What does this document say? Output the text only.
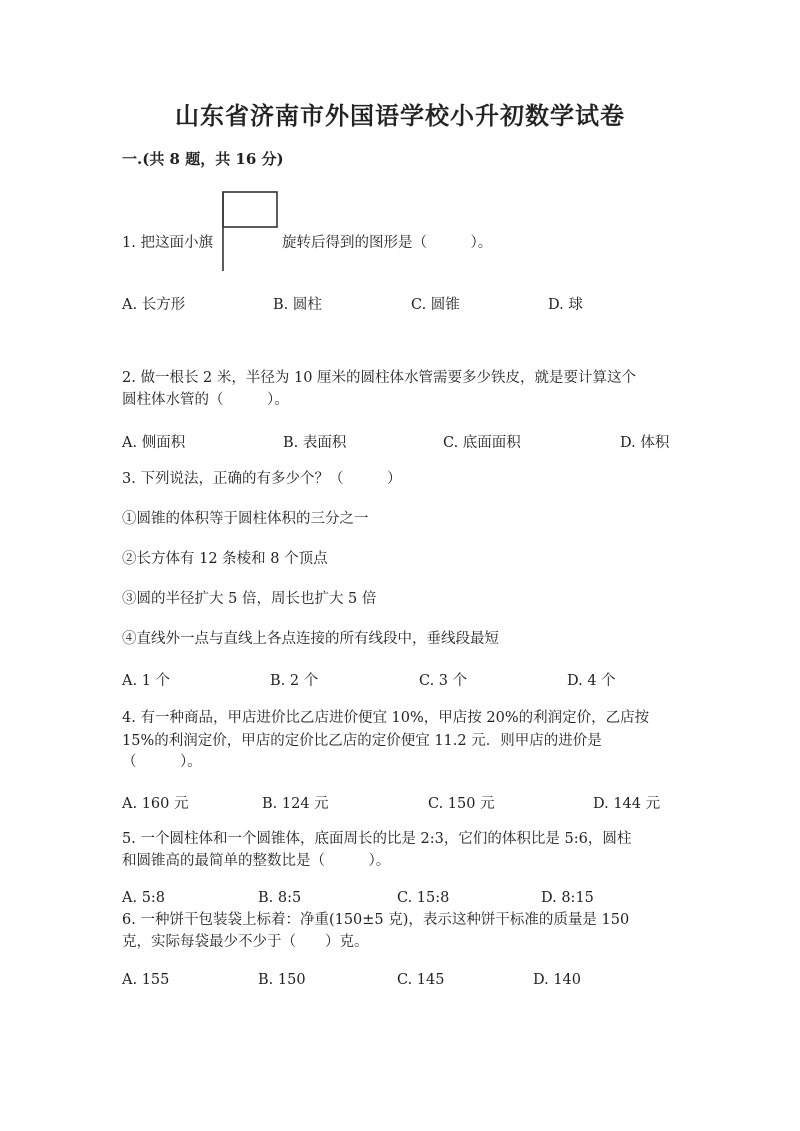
山东省济南市外国语学校小升初数学试卷
一.(共 8 题，共 16 分)
1. 把这面小旗	旋转后得到的图形是（　　　）。
A. 长方形	B. 圆柱	C. 圆锥	D. 球
2. 做一根长 2 米，半径为 10 厘米的圆柱体水管需要多少铁皮，就是要计算这个
圆柱体水管的（　　　）。
A. 侧面积	B. 表面积	C. 底面面积	D. 体积
3. 下列说法，正确的有多少个？（　　　）
①圆锥的体积等于圆柱体积的三分之一
②长方体有 12 条棱和 8 个顶点
③圆的半径扩大 5 倍，周长也扩大 5 倍
④直线外一点与直线上各点连接的所有线段中，垂线段最短
A. 1 个	B. 2 个	C. 3 个	D. 4 个
4. 有一种商品，甲店进价比乙店进价便宜 10%，甲店按 20%的利润定价，乙店按
15%的利润定价，甲店的定价比乙店的定价便宜 11.2 元．则甲店的进价是
（　　　）。
A. 160 元	B. 124 元	C. 150 元	D. 144 元
5. 一个圆柱体和一个圆锥体，底面周长的比是 2:3，它们的体积比是 5:6，圆柱
和圆锥高的最简单的整数比是（　　　）。
A. 5:8	B. 8:5	C. 15:8	D. 8:15
6. 一种饼干包装袋上标着：净重(150±5 克)，表示这种饼干标准的质量是 150
克，实际每袋最少不少于（　　）克。
A. 155	B. 150	C. 145	D. 140
